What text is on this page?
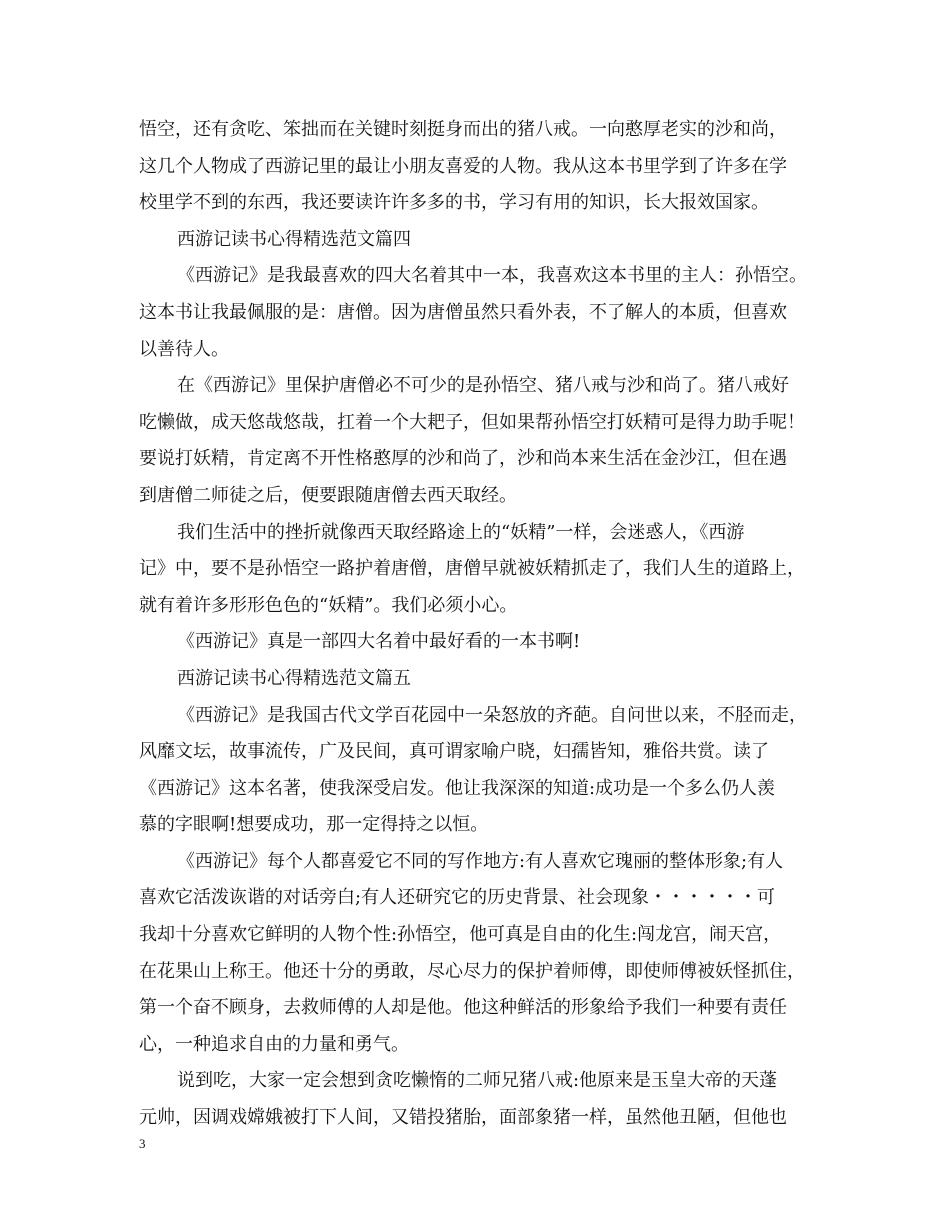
悟空，还有贪吃、笨拙而在关键时刻挺身而出的猪八戒。一向憨厚老实的沙和尚，
这几个人物成了西游记里的最让小朋友喜爱的人物。我从这本书里学到了许多在学
校里学不到的东西，我还要读许许多多的书，学习有用的知识，长大报效国家。
西游记读书心得精选范文篇四
《西游记》是我最喜欢的四大名着其中一本，我喜欢这本书里的主人：孙悟空。
这本书让我最佩服的是：唐僧。因为唐僧虽然只看外表，不了解人的本质，但喜欢
以善待人。
在《西游记》里保护唐僧必不可少的是孙悟空、猪八戒与沙和尚了。猪八戒好
吃懒做，成天悠哉悠哉，扛着一个大耙子，但如果帮孙悟空打妖精可是得力助手呢！
要说打妖精，肯定离不开性格憨厚的沙和尚了，沙和尚本来生活在金沙江，但在遇
到唐僧二师徒之后，便要跟随唐僧去西天取经。
我们生活中的挫折就像西天取经路途上的“妖精”一样，会迷惑人，《西游
记》中，要不是孙悟空一路护着唐僧，唐僧早就被妖精抓走了，我们人生的道路上，
就有着许多形形色色的“妖精”。我们必须小心。
《西游记》真是一部四大名着中最好看的一本书啊!
西游记读书心得精选范文篇五
《西游记》是我国古代文学百花园中一朵怒放的齐葩。自问世以来，不胫而走，
风靡文坛，故事流传，广及民间，真可谓家喻户晓，妇孺皆知，雅俗共赏。读了
《西游记》这本名著，使我深受启发。他让我深深的知道:成功是一个多么仍人羡
慕的字眼啊!想要成功，那一定得持之以恒。
《西游记》每个人都喜爱它不同的写作地方:有人喜欢它瑰丽的整体形象;有人
喜欢它活泼诙谐的对话旁白;有人还研究它的历史背景、社会现象・・・・・・可
我却十分喜欢它鲜明的人物个性:孙悟空，他可真是自由的化生:闯龙宫，闹天宫，
在花果山上称王。他还十分的勇敢，尽心尽力的保护着师傅，即使师傅被妖怪抓住，
第一个奋不顾身，去救师傅的人却是他。他这种鲜活的形象给予我们一种要有责任
心，一种追求自由的力量和勇气。
说到吃，大家一定会想到贪吃懒惰的二师兄猪八戒:他原来是玉皇大帝的天蓬
元帅，因调戏嫦娥被打下人间，又错投猪胎，面部象猪一样，虽然他丑陋，但他也
3
